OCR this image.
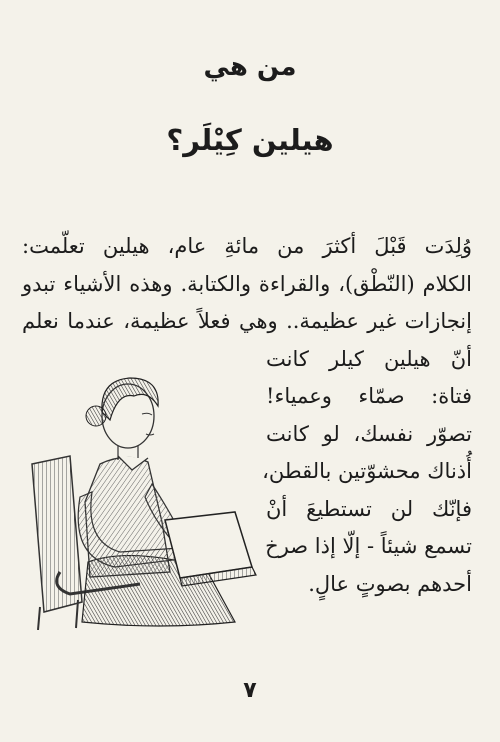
من هي
هيلين كِيْلَر؟
وُلِدَت قَبْلَ أكثرَ من مائةِ عام، هيلين تعلّمت:
الكلام (النّطْق)، والقراءة والكتابة. وهذه الأشياء تبدو
إنجازات غير عظيمة.. وهي فعلاً عظيمة، عندما نعلم
أنّ هيلين كيلر كانت
فتاة: صمّاء وعمياء!
تصوّر نفسك، لو كانت
أُذناك محشوّتين بالقطن،
فإنّك لن تستطيعَ أنْ
تسمع شيئاً - إلّا إذا صرخ
أحدهم بصوتٍ عالٍ.
٧
